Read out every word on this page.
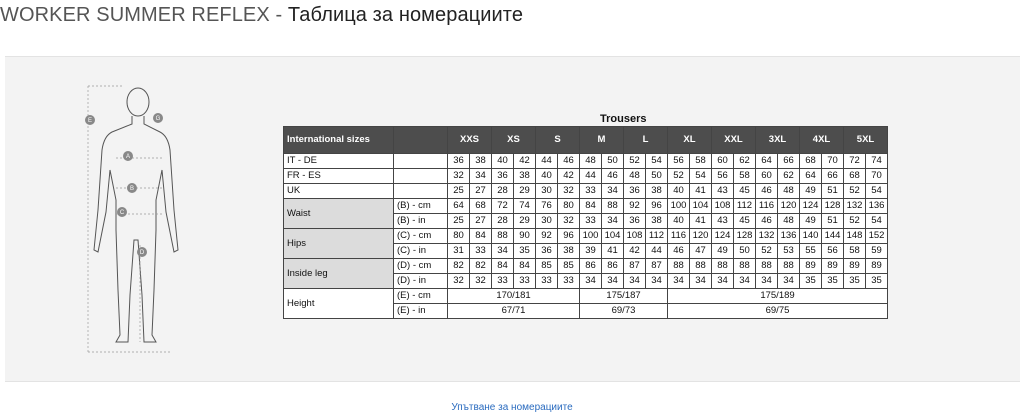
WORKER SUMMER REFLEX - Таблица за номерациите
A
B
C
D
E	G	Trousers
International sizes		XXS		XS		S		M		L		XL		XXL		3XL		4XL		5XL	
IT - DE		36	38	40	42	44	46	48	50	52	54	56	58	60	62	64	66	68	70	72	74
FR - ES		32	34	36	38	40	42	44	46	48	50	52	54	56	58	60	62	64	66	68	70
UK		25	27	28	29	30	32	33	34	36	38	40	41	43	45	46	48	49	51	52	54
Waist	(B) - cm	64	68	72	74	76	80	84	88	92	96	100	104	108	112	116	120	124	128	132	136
	(B) - in	25	27	28	29	30	32	33	34	36	38	40	41	43	45	46	48	49	51	52	54
Hips	(C) - cm	80	84	88	90	92	96	100	104	108	112	116	120	124	128	132	136	140	144	148	152
	(C) - in	31	33	34	35	36	38	39	41	42	44	46	47	49	50	52	53	55	56	58	59
Inside leg	(D) - cm	82	82	84	84	85	85	86	86	87	87	88	88	88	88	88	88	89	89	89	89
	(D) - in	32	32	33	33	33	33	34	34	34	34	34	34	34	34	34	34	35	35	35	35
Height	(E) - cm	170/181						175/187				175/189									
	(E) - in	67/71						69/73				69/75									
Упътване за номерациите
